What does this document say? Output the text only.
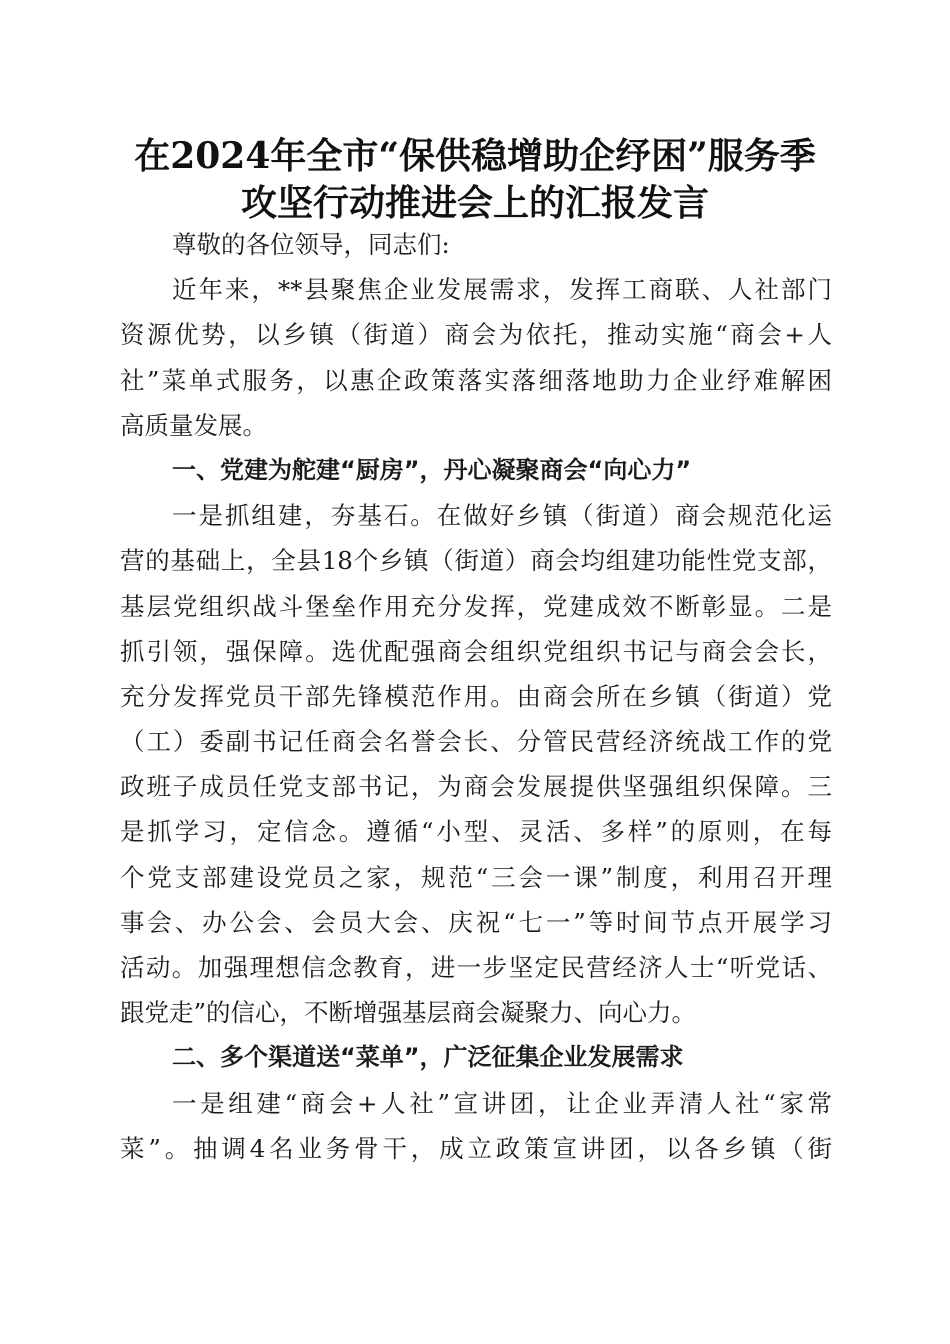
在2024年全市“保供稳增助企纾困”服务季
攻坚行动推进会上的汇报发言
尊敬的各位领导，同志们:
近年来，**县聚焦企业发展需求，发挥工商联、人社部门
资源优势，以乡镇（街道）商会为依托，推动实施“商会+人
社”菜单式服务，以惠企政策落实落细落地助力企业纾难解困
高质量发展。
一、党建为舵建“厨房”，丹心凝聚商会“向心力”
一是抓组建，夯基石。在做好乡镇（街道）商会规范化运
营的基础上，全县18个乡镇（街道）商会均组建功能性党支部，
基层党组织战斗堡垒作用充分发挥，党建成效不断彰显。二是
抓引领，强保障。选优配强商会组织党组织书记与商会会长，
充分发挥党员干部先锋模范作用。由商会所在乡镇（街道）党
（工）委副书记任商会名誉会长、分管民营经济统战工作的党
政班子成员任党支部书记，为商会发展提供坚强组织保障。三
是抓学习，定信念。遵循“小型、灵活、多样”的原则，在每
个党支部建设党员之家，规范“三会一课”制度，利用召开理
事会、办公会、会员大会、庆祝“七一”等时间节点开展学习
活动。加强理想信念教育，进一步坚定民营经济人士“听党话、
跟党走”的信心，不断增强基层商会凝聚力、向心力。
二、多个渠道送“菜单”，广泛征集企业发展需求
一是组建“商会+人社”宣讲团，让企业弄清人社“家常
菜”。抽调4名业务骨干，成立政策宣讲团，以各乡镇（街
